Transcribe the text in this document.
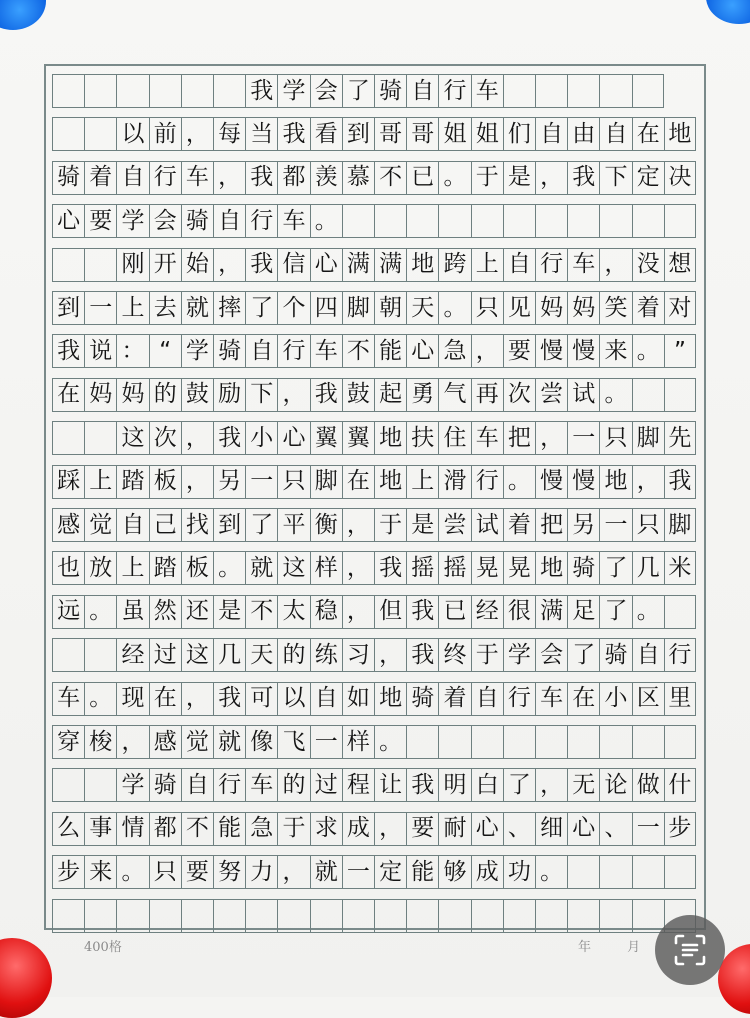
我 学 会 了 骑 自 行 车
以 前 ， 每 当 我 看 到 哥 哥 姐 姐 们 自 由 自 在 地
骑 着 自 行 车 ， 我 都 羡 慕 不 已 。 于 是 ， 我 下 定 决
心 要 学 会 骑 自 行 车 。
刚 开 始 ， 我 信 心 满 满 地 跨 上 自 行 车 ， 没 想
到 一 上 去 就 摔 了 个 四 脚 朝 天 。 只 见 妈 妈 笑 着 对
我 说 ： “ 学 骑 自 行 车 不 能 心 急 ， 要 慢 慢 来 。 ”
在 妈 妈 的 鼓 励 下 ， 我 鼓 起 勇 气 再 次 尝 试 。
这 次 ， 我 小 心 翼 翼 地 扶 住 车 把 ， 一 只 脚 先
踩 上 踏 板 ， 另 一 只 脚 在 地 上 滑 行 。 慢 慢 地 ， 我
感 觉 自 己 找 到 了 平 衡 ， 于 是 尝 试 着 把 另 一 只 脚
也 放 上 踏 板 。 就 这 样 ， 我 摇 摇 晃 晃 地 骑 了 几 米
远 。 虽 然 还 是 不 太 稳 ， 但 我 已 经 很 满 足 了 。
经 过 这 几 天 的 练 习 ， 我 终 于 学 会 了 骑 自 行
车 。 现 在 ， 我 可 以 自 如 地 骑 着 自 行 车 在 小 区 里
穿 梭 ， 感 觉 就 像 飞 一 样 。
学 骑 自 行 车 的 过 程 让 我 明 白 了 ， 无 论 做 什
么 事 情 都 不 能 急 于 求 成 ， 要 耐 心 、 细 心 、 一 步
步 来 。 只 要 努 力 ， 就 一 定 能 够 成 功 。
400格	年 月
